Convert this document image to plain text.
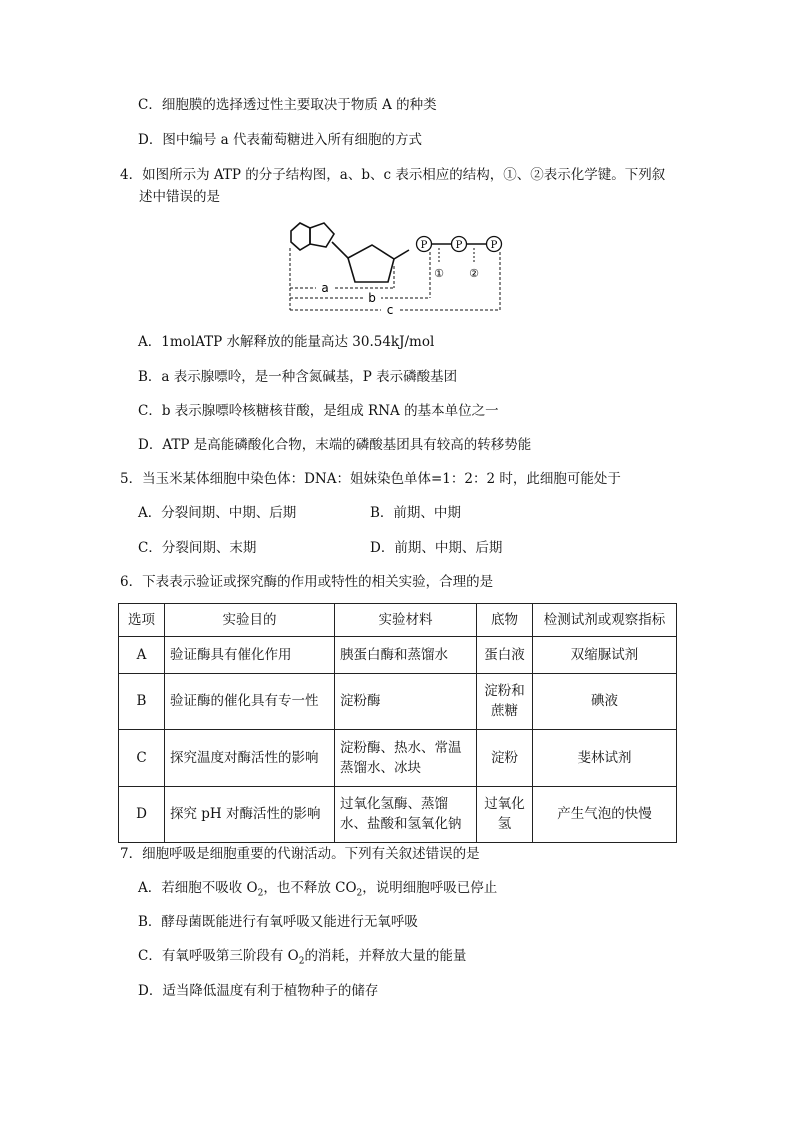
C．细胞膜的选择透过性主要取决于物质 A 的种类
D．图中编号 a 代表葡萄糖进入所有细胞的方式
4．如图所示为 ATP 的分子结构图，a、b、c 表示相应的结构，①、②表示化学键。下列叙
述中错误的是
P	P	P
① ②
a
b
c
A．1molATP 水解释放的能量高达 30.54kJ/mol
B．a 表示腺嘌呤，是一种含氮碱基，P 表示磷酸基团
C．b 表示腺嘌呤核糖核苷酸，是组成 RNA 的基本单位之一
D．ATP 是高能磷酸化合物，末端的磷酸基团具有较高的转移势能
5．当玉米某体细胞中染色体：DNA：姐妹染色单体=1：2：2 时，此细胞可能处于
A．分裂间期、中期、后期	B．前期、中期
C．分裂间期、末期	D．前期、中期、后期
6．下表表示验证或探究酶的作用或特性的相关实验，合理的是
选项	实验目的	实验材料	底物	检测试剂或观察指标
A	验证酶具有催化作用	胰蛋白酶和蒸馏水	蛋白液	双缩脲试剂
B	验证酶的催化具有专一性	淀粉酶	淀粉和蔗糖	碘液
C	探究温度对酶活性的影响	淀粉酶、热水、常温蒸馏水、冰块	淀粉	斐林试剂
D	探究 pH 对酶活性的影响	过氧化氢酶、蒸馏水、盐酸和氢氧化钠	过氧化氢	产生气泡的快慢
7．细胞呼吸是细胞重要的代谢活动。下列有关叙述错误的是
A．若细胞不吸收 $O_2$，也不释放 $CO_2$，说明细胞呼吸已停止
B．酵母菌既能进行有氧呼吸又能进行无氧呼吸
C．有氧呼吸第三阶段有 $O_2$的消耗，并释放大量的能量
D．适当降低温度有利于植物种子的储存
